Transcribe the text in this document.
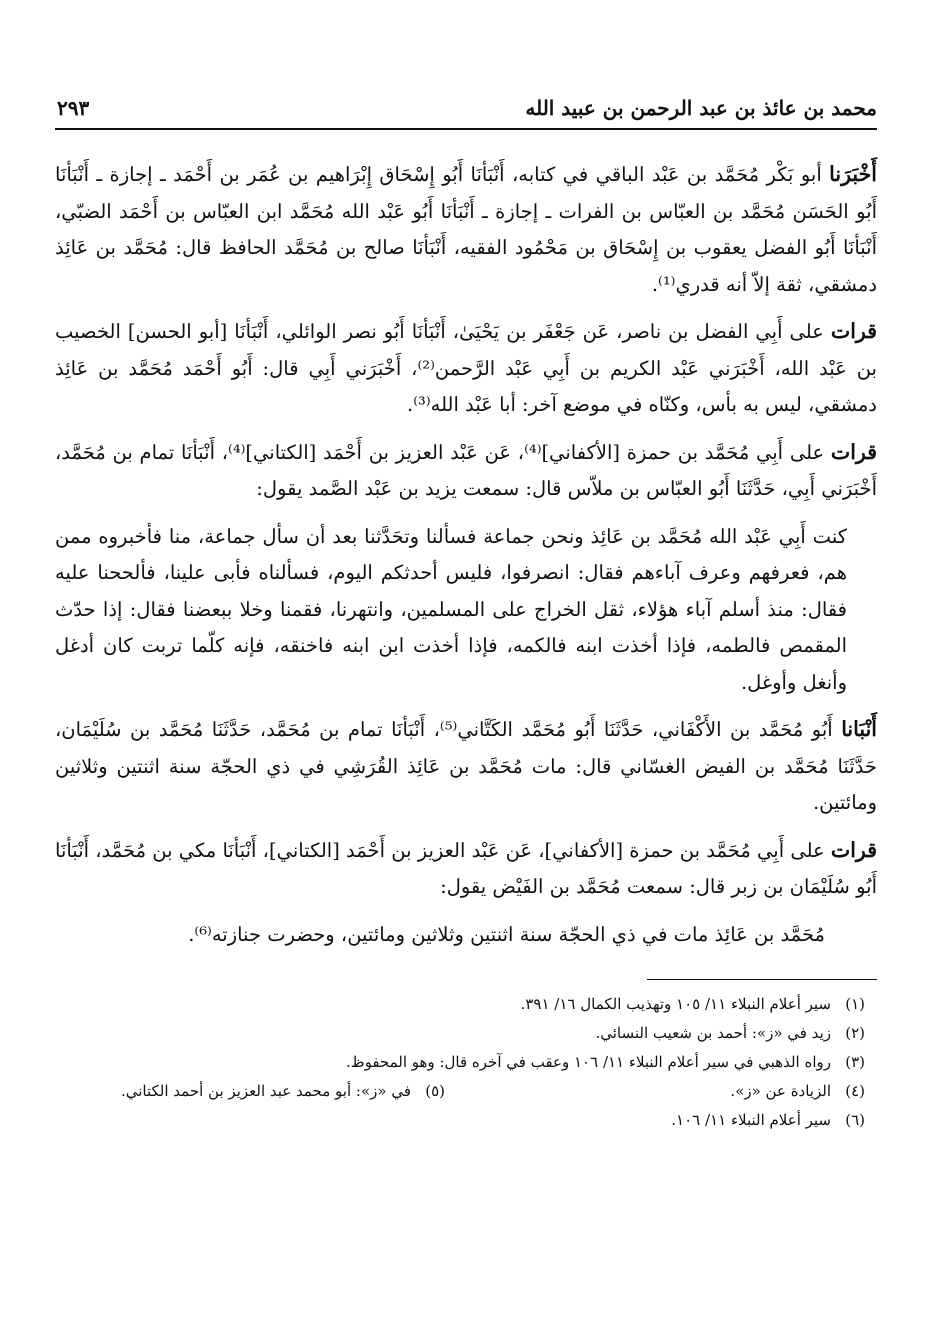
محمد بن عائذ بن عبد الرحمن بن عبيد الله
٢٩٣

أَخْبَرَنا أبو بَكْر مُحَمَّد بن عَبْد الباقي في كتابه، أَنْبَأنَا أَبُو إِسْحَاق إِبْرَاهيم بن عُمَر بن أَحْمَد ـ إجازة ـ أَنْبَأنَا أَبُو الحَسَن مُحَمَّد بن العبّاس بن الفرات ـ إجازة ـ أَنْبَأنَا أَبُو عَبْد الله مُحَمَّد ابن العبّاس بن أَحْمَد الضبّي، أَنْبَأنَا أَبُو الفضل يعقوب بن إِسْحَاق بن مَحْمُود الفقيه، أَنْبَأنَا صالح بن مُحَمَّد الحافظ قال: مُحَمَّد بن عَائِذ دمشقي، ثقة إلاّ أنه قدري⁽¹⁾.

قرات على أَبِي الفضل بن ناصر، عَن جَعْفَر بن يَحْيَىٰ، أَنْبَأنَا أَبُو نصر الوائلي، أَنْبَأنَا [أبو الحسن] الخصيب بن عَبْد الله، أَخْبَرَني عَبْد الكريم بن أَبِي عَبْد الرَّحمن⁽²⁾، أَخْبَرَني أَبِي قال: أَبُو أَحْمَد مُحَمَّد بن عَائِذ دمشقي، ليس به بأس، وكنّاه في موضع آخر: أبا عَبْد الله⁽³⁾.

قرات على أَبِي مُحَمَّد بن حمزة [الأكفاني]⁽⁴⁾، عَن عَبْد العزيز بن أَحْمَد [الكتاني]⁽⁴⁾، أَنْبَأنَا تمام بن مُحَمَّد، أَخْبَرَني أَبِي، حَدَّثَنَا أَبُو العبّاس بن ملاّس قال: سمعت يزيد بن عَبْد الصَّمد يقول:

كنت أَبِي عَبْد الله مُحَمَّد بن عَائِذ ونحن جماعة فسألنا وتحَدَّثنا بعد أن سأل جماعة، منا فأخبروه ممن هم، فعرفهم وعرف آباءهم فقال: انصرفوا، فليس أحدثكم اليوم، فسألناه فأبى علينا، فألححنا عليه فقال: منذ أسلم آباء هؤلاء، ثقل الخراج على المسلمين، وانتهرنا، فقمنا وخلا ببعضنا فقال: إذا حدّث المقمص فالطمه، فإذا أخذت ابنه فالكمه، فإذا أخذت ابن ابنه فاخنقه، فإنه كلّما تربت كان أدغل وأنغل وأوغل.

أَنْبَانا أَبُو مُحَمَّد بن الأَكْفَاني، حَدَّثَنَا أَبُو مُحَمَّد الكَتَّاني⁽⁵⁾، أَنْبَأنَا تمام بن مُحَمَّد، حَدَّثَنَا مُحَمَّد بن سُلَيْمَان، حَدَّثَنَا مُحَمَّد بن الفيض الغسّاني قال: مات مُحَمَّد بن عَائِذ القُرَشِي في ذي الحجّة سنة اثنتين وثلاثين ومائتين.

قرات على أَبِي مُحَمَّد بن حمزة [الأكفاني]، عَن عَبْد العزيز بن أَحْمَد [الكتاني]، أَنْبَأنَا مكي بن مُحَمَّد، أَنْبَأنَا أَبُو سُلَيْمَان بن زبر قال: سمعت مُحَمَّد بن الفَيْض يقول:

مُحَمَّد بن عَائِذ مات في ذي الحجّة سنة اثنتين وثلاثين ومائتين، وحضرت جنازته⁽⁶⁾.

(١)سير أعلام النبلاء ١١/ ١٠٥ وتهذيب الكمال ١٦/ ٣٩١.
(٢)زيد في «ز»: أحمد بن شعيب النسائي.
(٣)رواه الذهبي في سير أعلام النبلاء ١١/ ١٠٦ وعقب في آخره قال: وهو المحفوظ.
(٤)الزيادة عن «ز».
(٥)في «ز»: أبو محمد عبد العزيز بن أحمد الكتاني.
(٦)سير أعلام النبلاء ١١/ ١٠٦.
